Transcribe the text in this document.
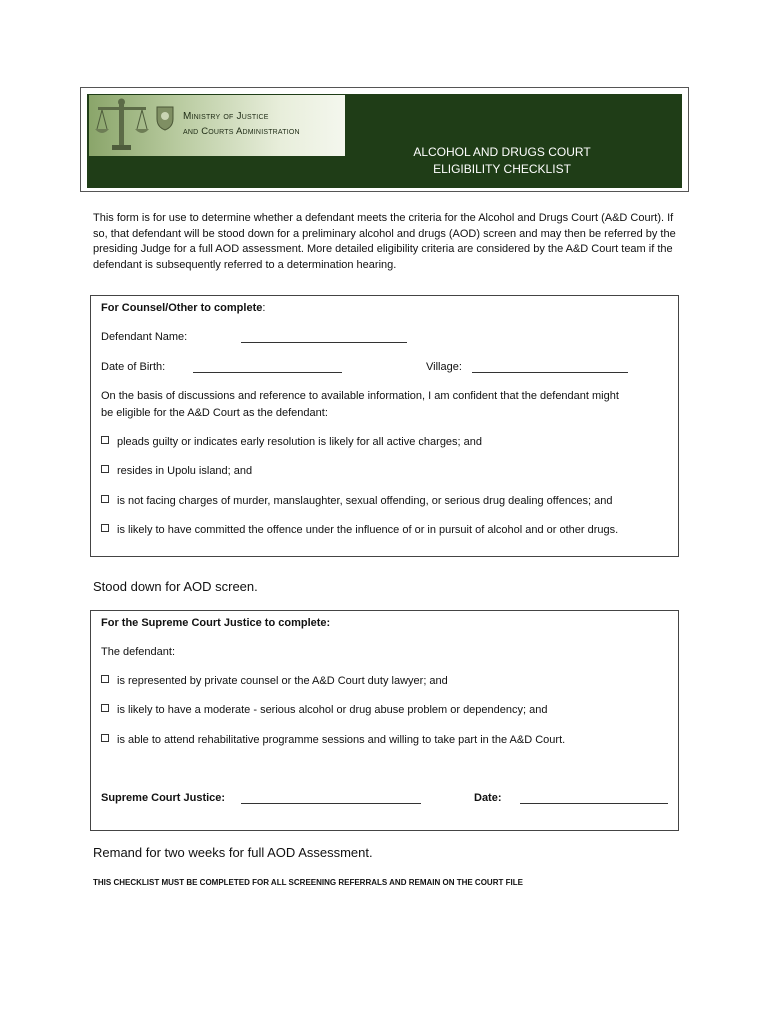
Ministry of Justice
and Courts Administration
ALCOHOL AND DRUGS COURT
ELIGIBILITY CHECKLIST
This form is for use to determine whether a defendant meets the criteria for the Alcohol and Drugs Court (A&D Court). If so, that defendant will be stood down for a preliminary alcohol and drugs (AOD) screen and may then be referred by the presiding Judge for a full AOD assessment. More detailed eligibility criteria are considered by the A&D Court team if the defendant is subsequently referred to a determination hearing.
For Counsel/Other to complete:
Defendant Name:
Date of Birth:	Village:
On the basis of discussions and reference to available information, I am confident that the defendant might
be eligible for the A&D Court as the defendant:
pleads guilty or indicates early resolution is likely for all active charges; and
resides in Upolu island; and
is not facing charges of murder, manslaughter, sexual offending, or serious drug dealing offences; and
is likely to have committed the offence under the influence of or in pursuit of alcohol and or other drugs.
Stood down for AOD screen.
For the Supreme Court Justice to complete:
The defendant:
is represented by private counsel or the A&D Court duty lawyer; and
is likely to have a moderate - serious alcohol or drug abuse problem or dependency; and
is able to attend rehabilitative programme sessions and willing to take part in the A&D Court.
Supreme Court Justice:	Date:
Remand for two weeks for full AOD Assessment.
THIS CHECKLIST MUST BE COMPLETED FOR ALL SCREENING REFERRALS AND REMAIN ON THE COURT FILE
